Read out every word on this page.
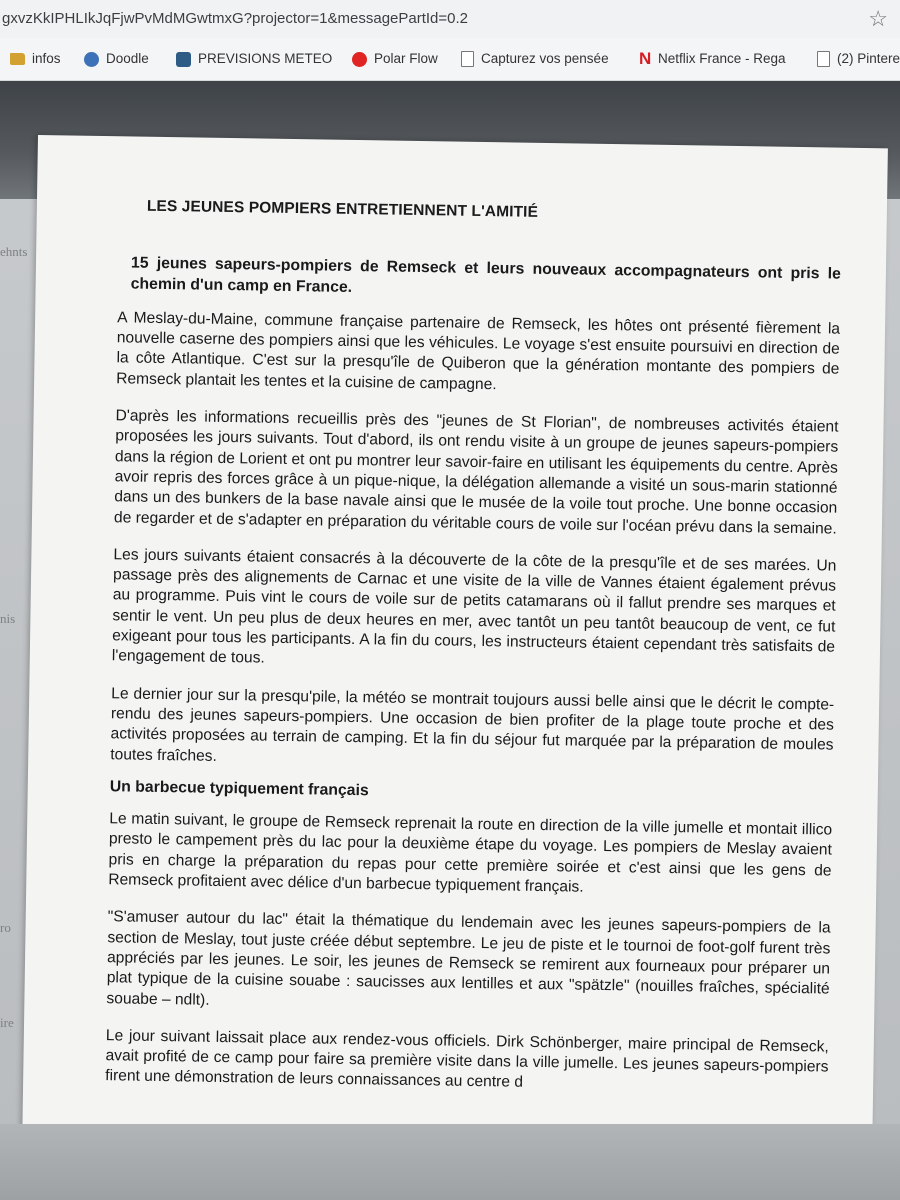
gxvzKkIPHLIkJqFjwPvMdMGwtmxG?projector=1&messagePartId=0.2	☆
infos	Doodle	PREVISIONS METEO	Polar Flow	Capturez vos pensée N Netflix France - Rega	(2) Pintere
ehnts
nis
ro
ire
LES JEUNES POMPIERS ENTRETIENNENT L'AMITIÉ
15 jeunes sapeurs-pompiers de Remseck et leurs nouveaux accompagnateurs ont pris le chemin d'un camp en France.

A Meslay-du-Maine, commune française partenaire de Remseck, les hôtes ont présenté fièrement la nouvelle caserne des pompiers ainsi que les véhicules. Le voyage s'est ensuite poursuivi en direction de la côte Atlantique. C'est sur la presqu'île de Quiberon que la génération montante des pompiers de Remseck plantait les tentes et la cuisine de campagne.

D'après les informations recueillis près des "jeunes de St Florian", de nombreuses activités étaient proposées les jours suivants. Tout d'abord, ils ont rendu visite à un groupe de jeunes sapeurs-pompiers dans la région de Lorient et ont pu montrer leur savoir-faire en utilisant les équipements du centre. Après avoir repris des forces grâce à un pique-nique, la délégation allemande a visité un sous-marin stationné dans un des bunkers de la base navale ainsi que le musée de la voile tout proche. Une bonne occasion de regarder et de s'adapter en préparation du véritable cours de voile sur l'océan prévu dans la semaine.

Les jours suivants étaient consacrés à la découverte de la côte de la presqu'île et de ses marées. Un passage près des alignements de Carnac et une visite de la ville de Vannes étaient également prévus au programme. Puis vint le cours de voile sur de petits catamarans où il fallut prendre ses marques et sentir le vent. Un peu plus de deux heures en mer, avec tantôt un peu tantôt beaucoup de vent, ce fut exigeant pour tous les participants. A la fin du cours, les instructeurs étaient cependant très satisfaits de l'engagement de tous.

Le dernier jour sur la presqu'pile, la météo se montrait toujours aussi belle ainsi que le décrit le compte-rendu des jeunes sapeurs-pompiers. Une occasion de bien profiter de la plage toute proche et des activités proposées au terrain de camping. Et la fin du séjour fut marquée par la préparation de moules toutes fraîches.

Un barbecue typiquement français

Le matin suivant, le groupe de Remseck reprenait la route en direction de la ville jumelle et montait illico presto le campement près du lac pour la deuxième étape du voyage. Les pompiers de Meslay avaient pris en charge la préparation du repas pour cette première soirée et c'est ainsi que les gens de Remseck profitaient avec délice d'un barbecue typiquement français.

"S'amuser autour du lac" était la thématique du lendemain avec les jeunes sapeurs-pompiers de la section de Meslay, tout juste créée début septembre. Le jeu de piste et le tournoi de foot-golf furent très appréciés par les jeunes. Le soir, les jeunes de Remseck se remirent aux fourneaux pour préparer un plat typique de la cuisine souabe : saucisses aux lentilles et aux "spätzle" (nouilles fraîches, spécialité souabe – ndlt).

Le jour suivant laissait place aux rendez-vous officiels. Dirk Schönberger, maire principal de Remseck, avait profité de ce camp pour faire sa première visite dans la ville jumelle. Les jeunes sapeurs-pompiers firent une démonstration de leurs connaissances au centre d
